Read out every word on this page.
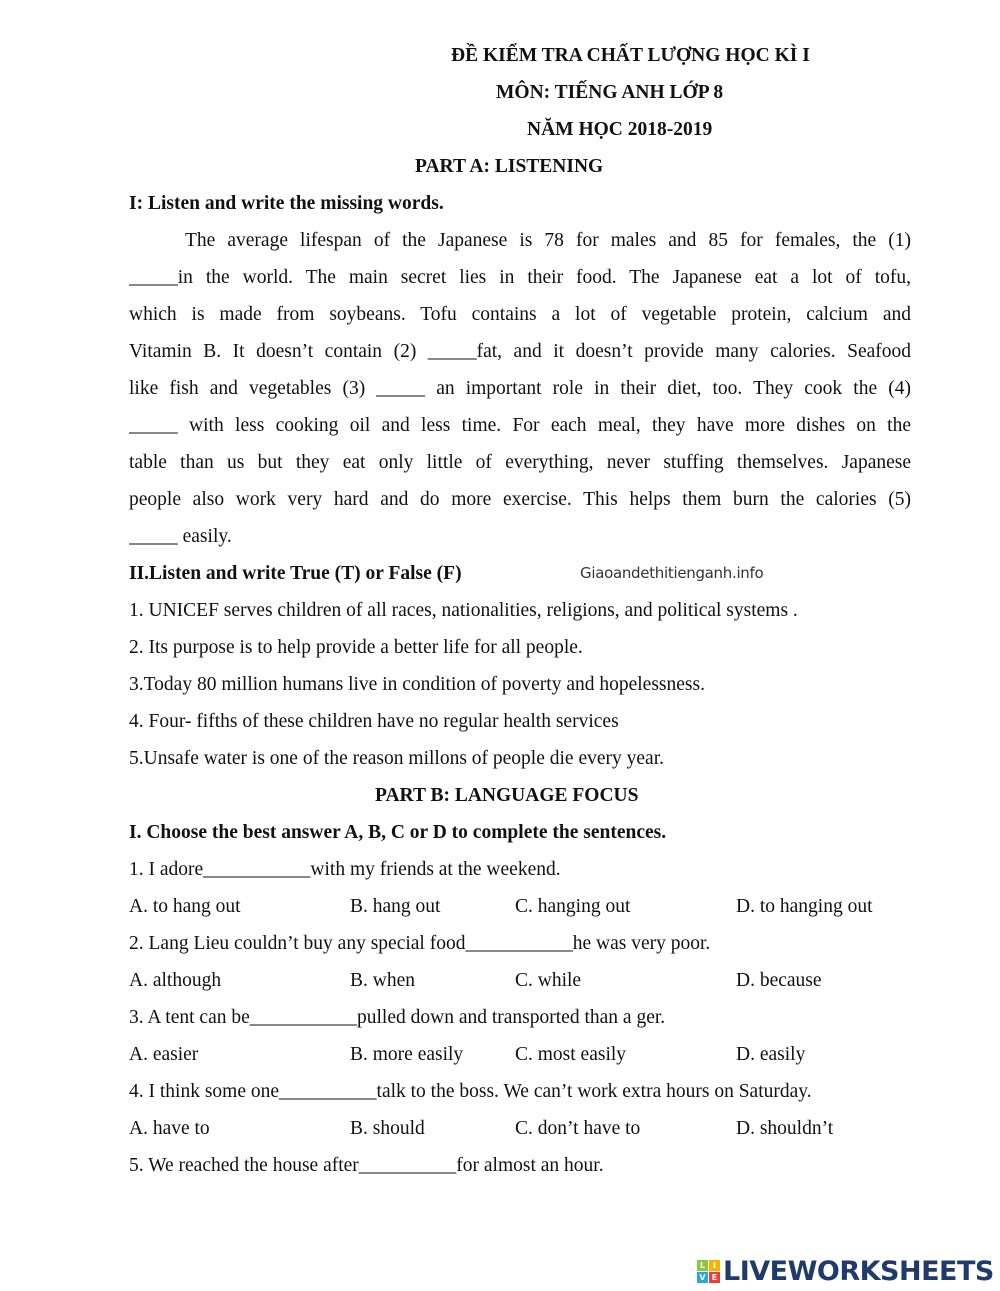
ĐỀ KIỂM TRA CHẤT LƯỢNG HỌC KÌ I
MÔN: TIẾNG ANH LỚP 8
NĂM HỌC 2018-2019
PART A: LISTENING
I: Listen and write the missing words.
The average lifespan of the Japanese is 78 for males and 85 for females, the (1)
_____in the world. The main secret lies in their food. The Japanese eat a lot of tofu,
which is made from soybeans. Tofu contains a lot of vegetable protein, calcium and
Vitamin B. It doesn’t contain (2) _____fat, and it doesn’t provide many calories. Seafood
like fish and vegetables (3) _____ an important role in their diet, too. They cook the (4)
_____ with less cooking oil and less time. For each meal, they have more dishes on the
table than us but they eat only little of everything, never stuffing themselves. Japanese
people also work very hard and do more exercise. This helps them burn the calories (5)
_____ easily.
II.Listen and write True (T) or False (F)
1. UNICEF serves children of all races, nationalities, religions, and political systems .
2. Its purpose is to help provide a better life for all people.
3.Today 80 million humans live in condition of poverty and hopelessness.
4. Four- fifths of these children have no regular health services
5.Unsafe water is one of the reason millons of people die every year.
PART B: LANGUAGE FOCUS
I. Choose the best answer A, B, C or D to complete the sentences.
1. I adore___________with my friends at the weekend.
A. to hang out	B. hang out	C. hanging out	D. to hanging out
2. Lang Lieu couldn’t buy any special food___________he was very poor.
A. although	B. when	C. while	D. because
3. A tent can be___________pulled down and transported than a ger.
A. easier	B. more easily	C. most easily	D. easily
4. I think some one__________talk to the boss. We can’t work extra hours on Saturday.
A. have to	B. should	C. don’t have to	D. shouldn’t
5. We reached the house after__________for almost an hour.
Giaoandethitienganh.info
L I
V E LIVEWORKSHEETS
